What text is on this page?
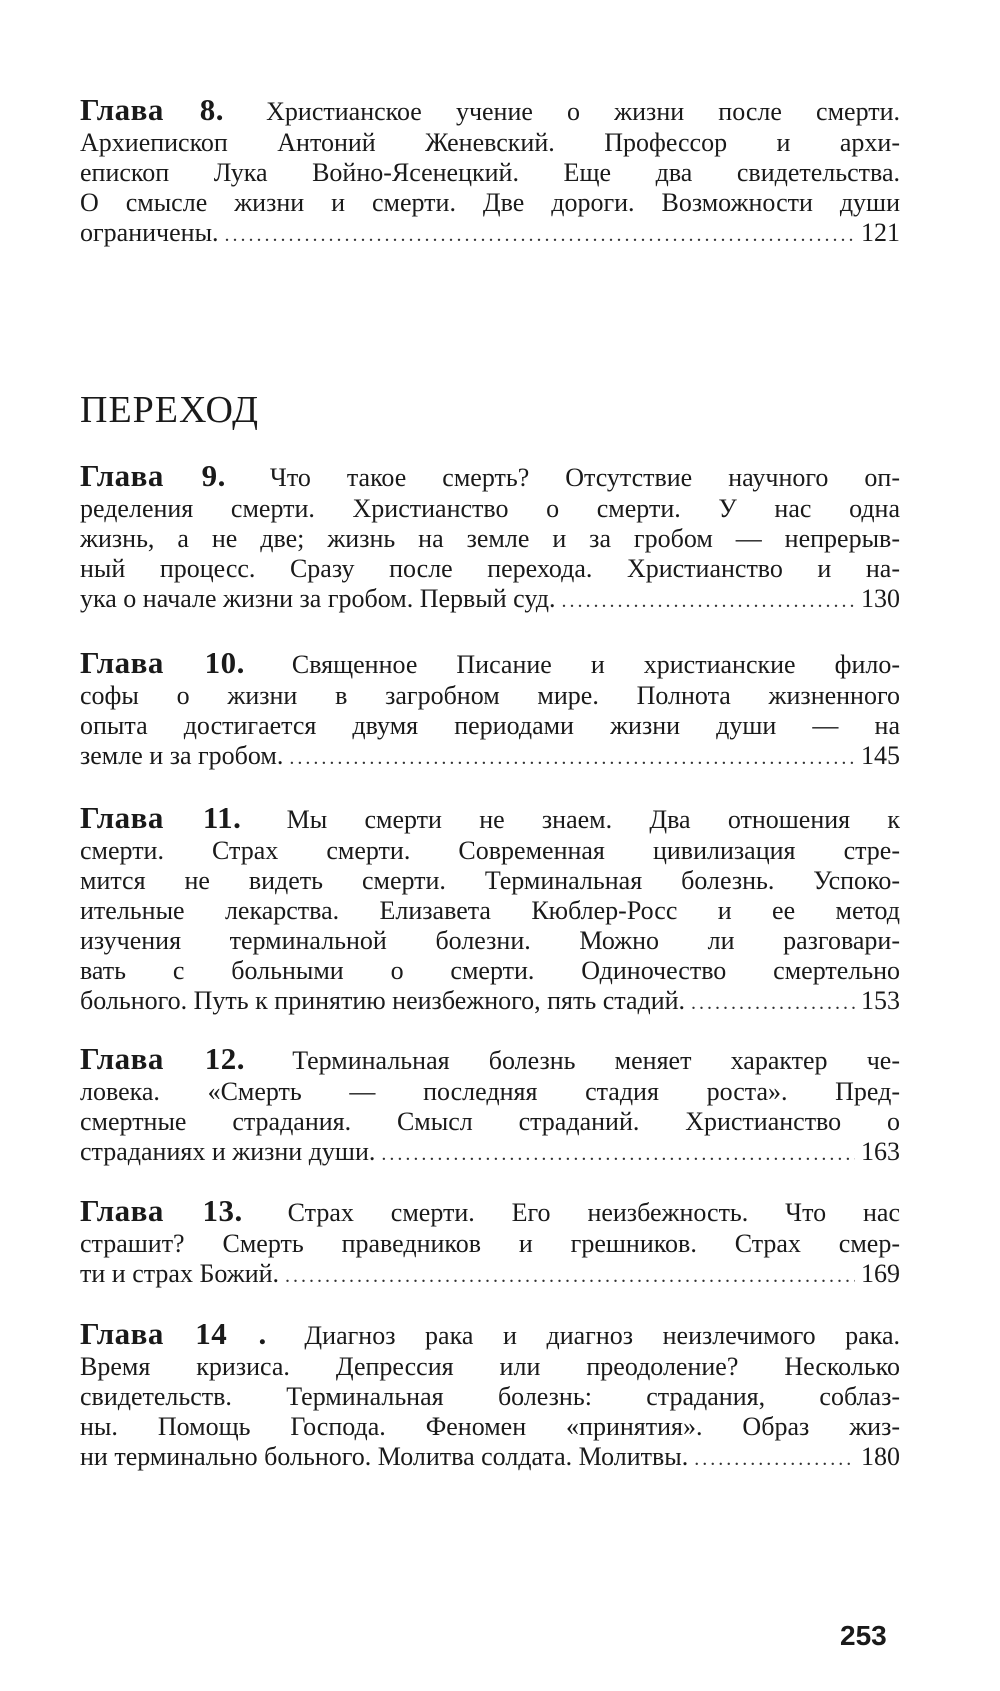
Глава 8. Христианское учение о жизни после смерти.
Архиепископ Антоний Женевский. Профессор и архи-
епископ Лука Войно-Ясенецкий. Еще два свидетельства.
О смысле жизни и смерти. Две дороги. Возможности души
ограничены. .....	121
ПЕРЕХОД
Глава 9. Что такое смерть? Отсутствие научного оп-
ределения смерти. Христианство о смерти. У нас одна
жизнь, а не две; жизнь на земле и за гробом — непрерыв-
ный процесс. Сразу после перехода. Христианство и на-
ука о начале жизни за гробом. Первый суд. .....	130
Глава 10. Священное Писание и христианские фило-
софы о жизни в загробном мире. Полнота жизненного
опыта достигается двумя периодами жизни души — на
земле и за гробом. .....	145
Глава 11. Мы смерти не знаем. Два отношения к
смерти. Страх смерти. Современная цивилизация стре-
мится не видеть смерти. Терминальная болезнь. Успоко-
ительные лекарства. Елизавета Кюблер-Росс и ее метод
изучения терминальной болезни. Можно ли разговари-
вать с больными о смерти. Одиночество смертельно
больного. Путь к принятию неизбежного, пять стадий. .....	153
Глава 12. Терминальная болезнь меняет характер че-
ловека. «Смерть — последняя стадия роста». Пред-
смертные страдания. Смысл страданий. Христианство о
страданиях и жизни души. .....	163
Глава 13. Страх смерти. Его неизбежность. Что нас
страшит? Смерть праведников и грешников. Страх смер-
ти и страх Божий. .....	169
Глава 14 . Диагноз рака и диагноз неизлечимого рака.
Время кризиса. Депрессия или преодоление? Несколько
свидетельств. Терминальная болезнь: страдания, соблаз-
ны. Помощь Господа. Феномен «принятия». Образ жиз-
ни терминально больного. Молитва солдата. Молитвы. .....	180
253
